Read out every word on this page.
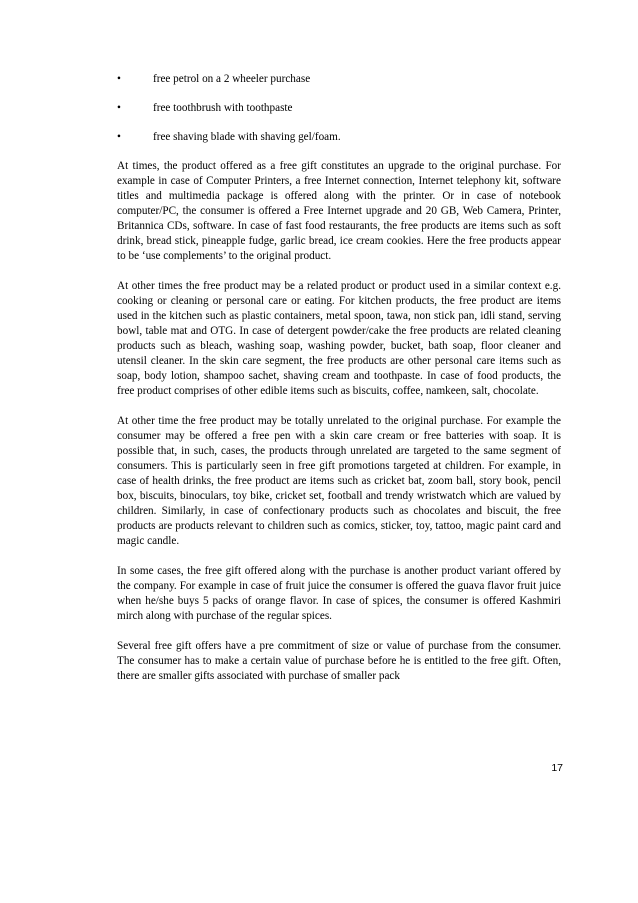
•	free petrol on a 2 wheeler purchase
•	free toothbrush with toothpaste
•	free shaving blade with shaving gel/foam.

At times, the product offered as a free gift constitutes an upgrade to the original purchase. For example in case of Computer Printers, a free Internet connection, Internet telephony kit, software titles and multimedia package is offered along with the printer. Or in case of notebook computer/PC, the consumer is offered a Free Internet upgrade and 20 GB, Web Camera, Printer, Britannica CDs, software. In case of fast food restaurants, the free products are items such as soft drink, bread stick, pineapple fudge, garlic bread, ice cream cookies. Here the free products appear to be ‘use complements’ to the original product.

At other times the free product may be a related product or product used in a similar context e.g. cooking or cleaning or personal care or eating. For kitchen products, the free product are items used in the kitchen such as plastic containers, metal spoon, tawa, non stick pan, idli stand, serving bowl, table mat and OTG. In case of detergent powder/cake the free products are related cleaning products such as bleach, washing soap, washing powder, bucket, bath soap, floor cleaner and utensil cleaner. In the skin care segment, the free products are other personal care items such as soap, body lotion, shampoo sachet, shaving cream and toothpaste. In case of food products, the free product comprises of other edible items such as biscuits, coffee, namkeen, salt, chocolate.

At other time the free product may be totally unrelated to the original purchase. For example the consumer may be offered a free pen with a skin care cream or free batteries with soap. It is possible that, in such, cases, the products through unrelated are targeted to the same segment of consumers. This is particularly seen in free gift promotions targeted at children. For example, in case of health drinks, the free product are items such as cricket bat, zoom ball, story book, pencil box, biscuits, binoculars, toy bike, cricket set, football and trendy wristwatch which are valued by children. Similarly, in case of confectionary products such as chocolates and biscuit, the free products are products relevant to children such as comics, sticker, toy, tattoo, magic paint card and magic candle.

In some cases, the free gift offered along with the purchase is another product variant offered by the company. For example in case of fruit juice the consumer is offered the guava flavor fruit juice when he/she buys 5 packs of orange flavor. In case of spices, the consumer is offered Kashmiri mirch along with purchase of the regular spices.

Several free gift offers have a pre commitment of size or value of purchase from the consumer. The consumer has to make a certain value of purchase before he is entitled to the free gift. Often, there are smaller gifts associated with purchase of smaller pack

17
